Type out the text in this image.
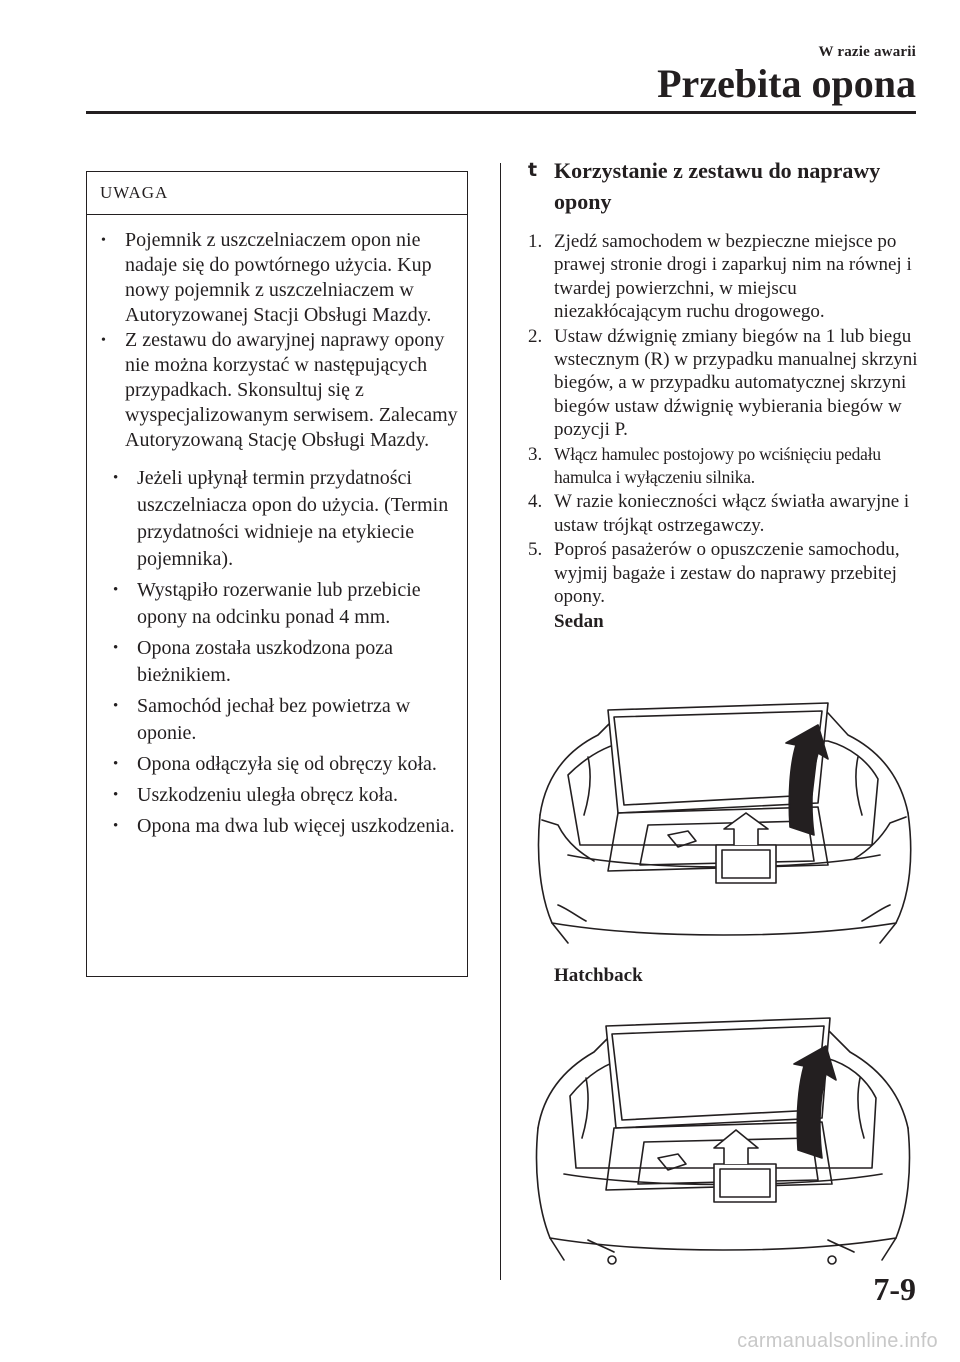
W razie awarii
Przebita opona
UWAGA
• Pojemnik z uszczelniaczem opon nie nadaje się do powtórnego użycia. Kup nowy pojemnik z uszczelniaczem w Autoryzowanej Stacji Obsługi Mazdy.
• Z zestawu do awaryjnej naprawy opony nie można korzystać w następujących przypadkach. Skonsultuj się z wyspecjalizowanym serwisem. Zalecamy Autoryzowaną Stację Obsługi Mazdy.
• Jeżeli upłynął termin przydatności uszczelniacza opon do użycia. (Termin przydatności widnieje na etykiecie pojemnika).
• Wystąpiło rozerwanie lub przebicie opony na odcinku ponad 4 mm.
• Opona została uszkodzona poza bieżnikiem.
• Samochód jechał bez powietrza w oponie.
• Opona odłączyła się od obręczy koła.
• Uszkodzeniu uległa obręcz koła.
• Opona ma dwa lub więcej uszkodzenia.
t Korzystanie z zestawu do naprawy opony
1. Zjedź samochodem w bezpieczne miejsce po prawej stronie drogi i zaparkuj nim na równej i twardej powierzchni, w miejscu niezakłócającym ruchu drogowego.
2. Ustaw dźwignię zmiany biegów na 1 lub biegu wstecznym (R) w przypadku manualnej skrzyni biegów, a w przypadku automatycznej skrzyni biegów ustaw dźwignię wybierania biegów w pozycji P.
3. Włącz hamulec postojowy po wciśnięciu pedału hamulca i wyłączeniu silnika.
4. W razie konieczności włącz światła awaryjne i ustaw trójkąt ostrzegawczy.
5. Poproś pasażerów o opuszczenie samochodu, wyjmij bagaże i zestaw do naprawy przebitej opony.
Sedan
Hatchback
7-9
carmanualsonline.info
